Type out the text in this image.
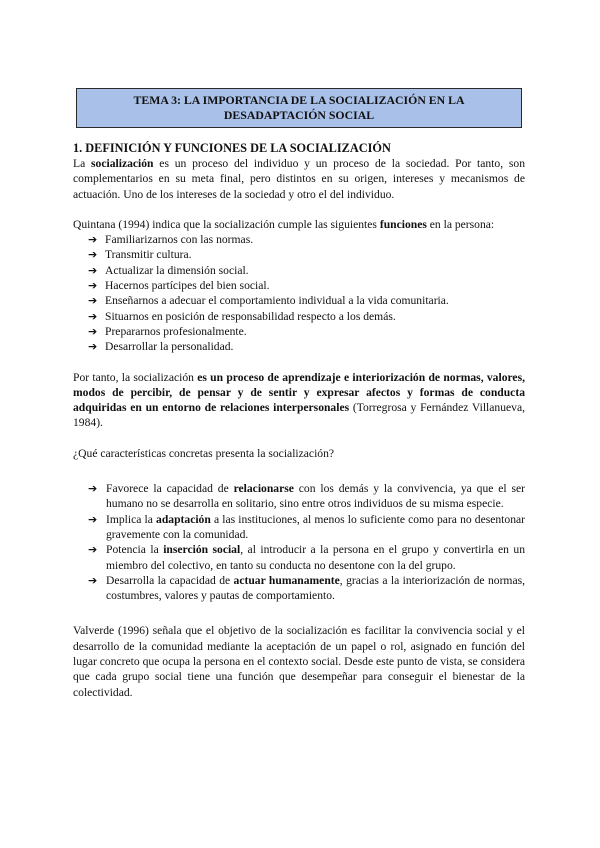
TEMA 3: LA IMPORTANCIA DE LA SOCIALIZACIÓN EN LA
DESADAPTACIÓN SOCIAL
1. DEFINICIÓN Y FUNCIONES DE LA SOCIALIZACIÓN

La socialización es un proceso del individuo y un proceso de la sociedad. Por tanto, son complementarios en su meta final, pero distintos en su origen, intereses y mecanismos de actuación. Uno de los intereses de la sociedad y otro el del individuo.

Quintana (1994) indica que la socialización cumple las siguientes funciones en la persona:

➔ Familiarizarnos con las normas.
➔ Transmitir cultura.
➔ Actualizar la dimensión social.
➔ Hacernos partícipes del bien social.
➔ Enseñarnos a adecuar el comportamiento individual a la vida comunitaria.
➔ Situarnos en posición de responsabilidad respecto a los demás.
➔ Prepararnos profesionalmente.
➔ Desarrollar la personalidad.

Por tanto, la socialización es un proceso de aprendizaje e interiorización de normas, valores, modos de percibir, de pensar y de sentir y expresar afectos y formas de conducta adquiridas en un entorno de relaciones interpersonales (Torregrosa y Fernández Villanueva, 1984).

¿Qué características concretas presenta la socialización?

➔ Favorece la capacidad de relacionarse con los demás y la convivencia, ya que el ser humano no se desarrolla en solitario, sino entre otros individuos de su misma especie.
➔ Implica la adaptación a las instituciones, al menos lo suficiente como para no desentonar gravemente con la comunidad.
➔ Potencia la inserción social, al introducir a la persona en el grupo y convertirla en un miembro del colectivo, en tanto su conducta no desentone con la del grupo.
➔ Desarrolla la capacidad de actuar humanamente, gracias a la interiorización de normas, costumbres, valores y pautas de comportamiento.

Valverde (1996) señala que el objetivo de la socialización es facilitar la convivencia social y el desarrollo de la comunidad mediante la aceptación de un papel o rol, asignado en función del lugar concreto que ocupa la persona en el contexto social. Desde este punto de vista, se considera que cada grupo social tiene una función que desempeñar para conseguir el bienestar de la colectividad.
